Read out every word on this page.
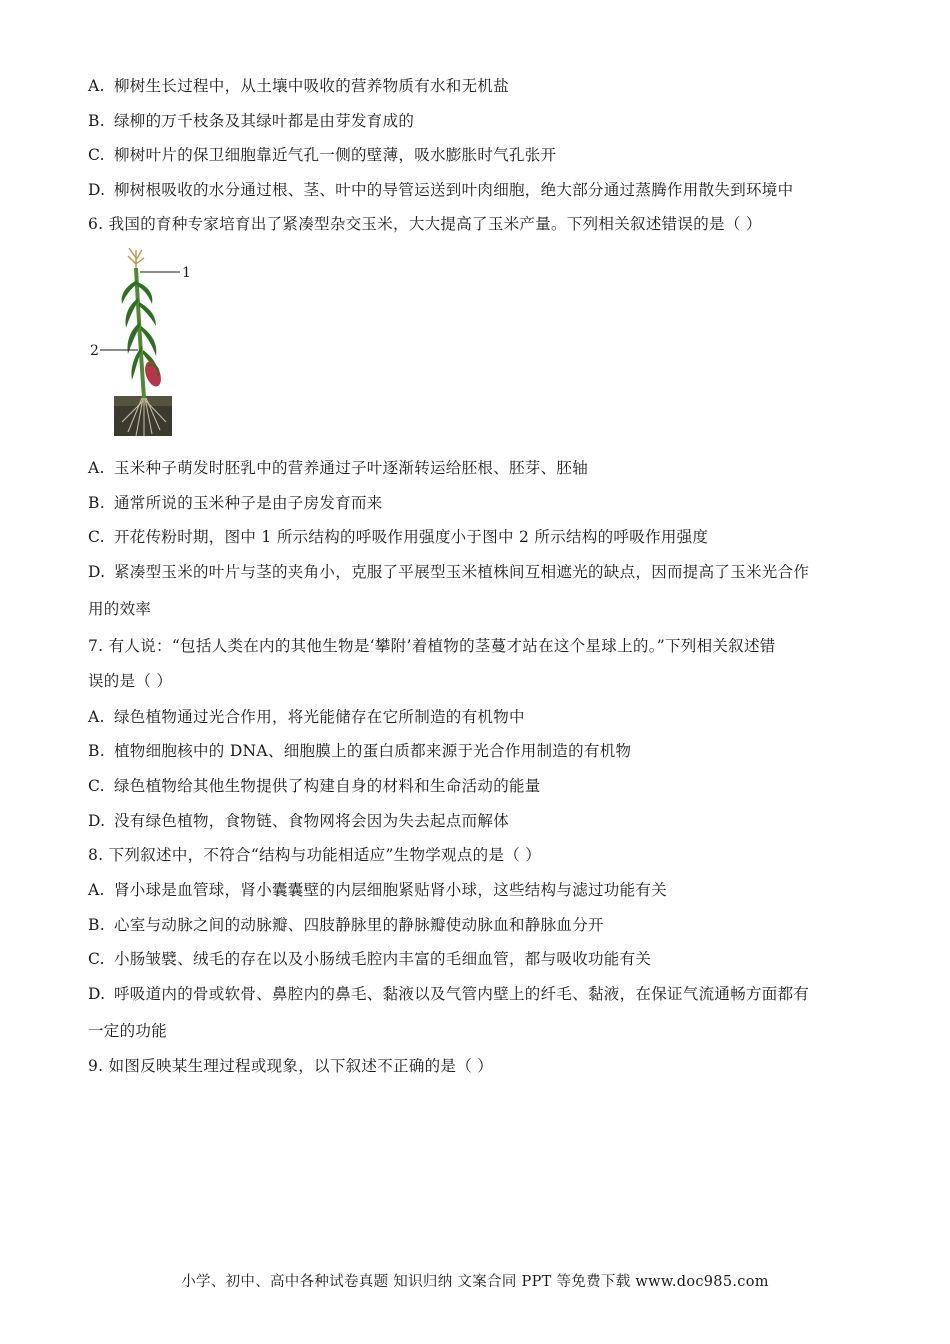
A. 柳树生长过程中，从土壤中吸收的营养物质有水和无机盐
B. 绿柳的万千枝条及其绿叶都是由芽发育成的
C. 柳树叶片的保卫细胞靠近气孔一侧的壁薄，吸水膨胀时气孔张开
D. 柳树根吸收的水分通过根、茎、叶中的导管运送到叶肉细胞，绝大部分通过蒸腾作用散失到环境中
6. 我国的育种专家培育出了紧凑型杂交玉米，大大提高了玉米产量。下列相关叙述错误的是（ ）
A. 玉米种子萌发时胚乳中的营养通过子叶逐渐转运给胚根、胚芽、胚轴
B. 通常所说的玉米种子是由子房发育而来
C. 开花传粉时期，图中 1 所示结构的呼吸作用强度小于图中 2 所示结构的呼吸作用强度
D. 紧凑型玉米的叶片与茎的夹角小，克服了平展型玉米植株间互相遮光的缺点，因而提高了玉米光合作
用的效率
7. 有人说：“包括人类在内的其他生物是‘攀附’着植物的茎蔓才站在这个星球上的。”下列相关叙述错
误的是（ ）
A. 绿色植物通过光合作用，将光能储存在它所制造的有机物中
B. 植物细胞核中的 DNA、细胞膜上的蛋白质都来源于光合作用制造的有机物
C. 绿色植物给其他生物提供了构建自身的材料和生命活动的能量
D. 没有绿色植物，食物链、食物网将会因为失去起点而解体
8. 下列叙述中，不符合“结构与功能相适应”生物学观点的是（ ）
A. 肾小球是血管球，肾小囊囊壁的内层细胞紧贴肾小球，这些结构与滤过功能有关
B. 心室与动脉之间的动脉瓣、四肢静脉里的静脉瓣使动脉血和静脉血分开
C. 小肠皱襞、绒毛的存在以及小肠绒毛腔内丰富的毛细血管，都与吸收功能有关
D. 呼吸道内的骨或软骨、鼻腔内的鼻毛、黏液以及气管内壁上的纤毛、黏液，在保证气流通畅方面都有
一定的功能
9. 如图反映某生理过程或现象，以下叙述不正确的是（ ）
1
2
小学、初中、高中各种试卷真题 知识归纳 文案合同 PPT 等免费下载 www.doc985.com
